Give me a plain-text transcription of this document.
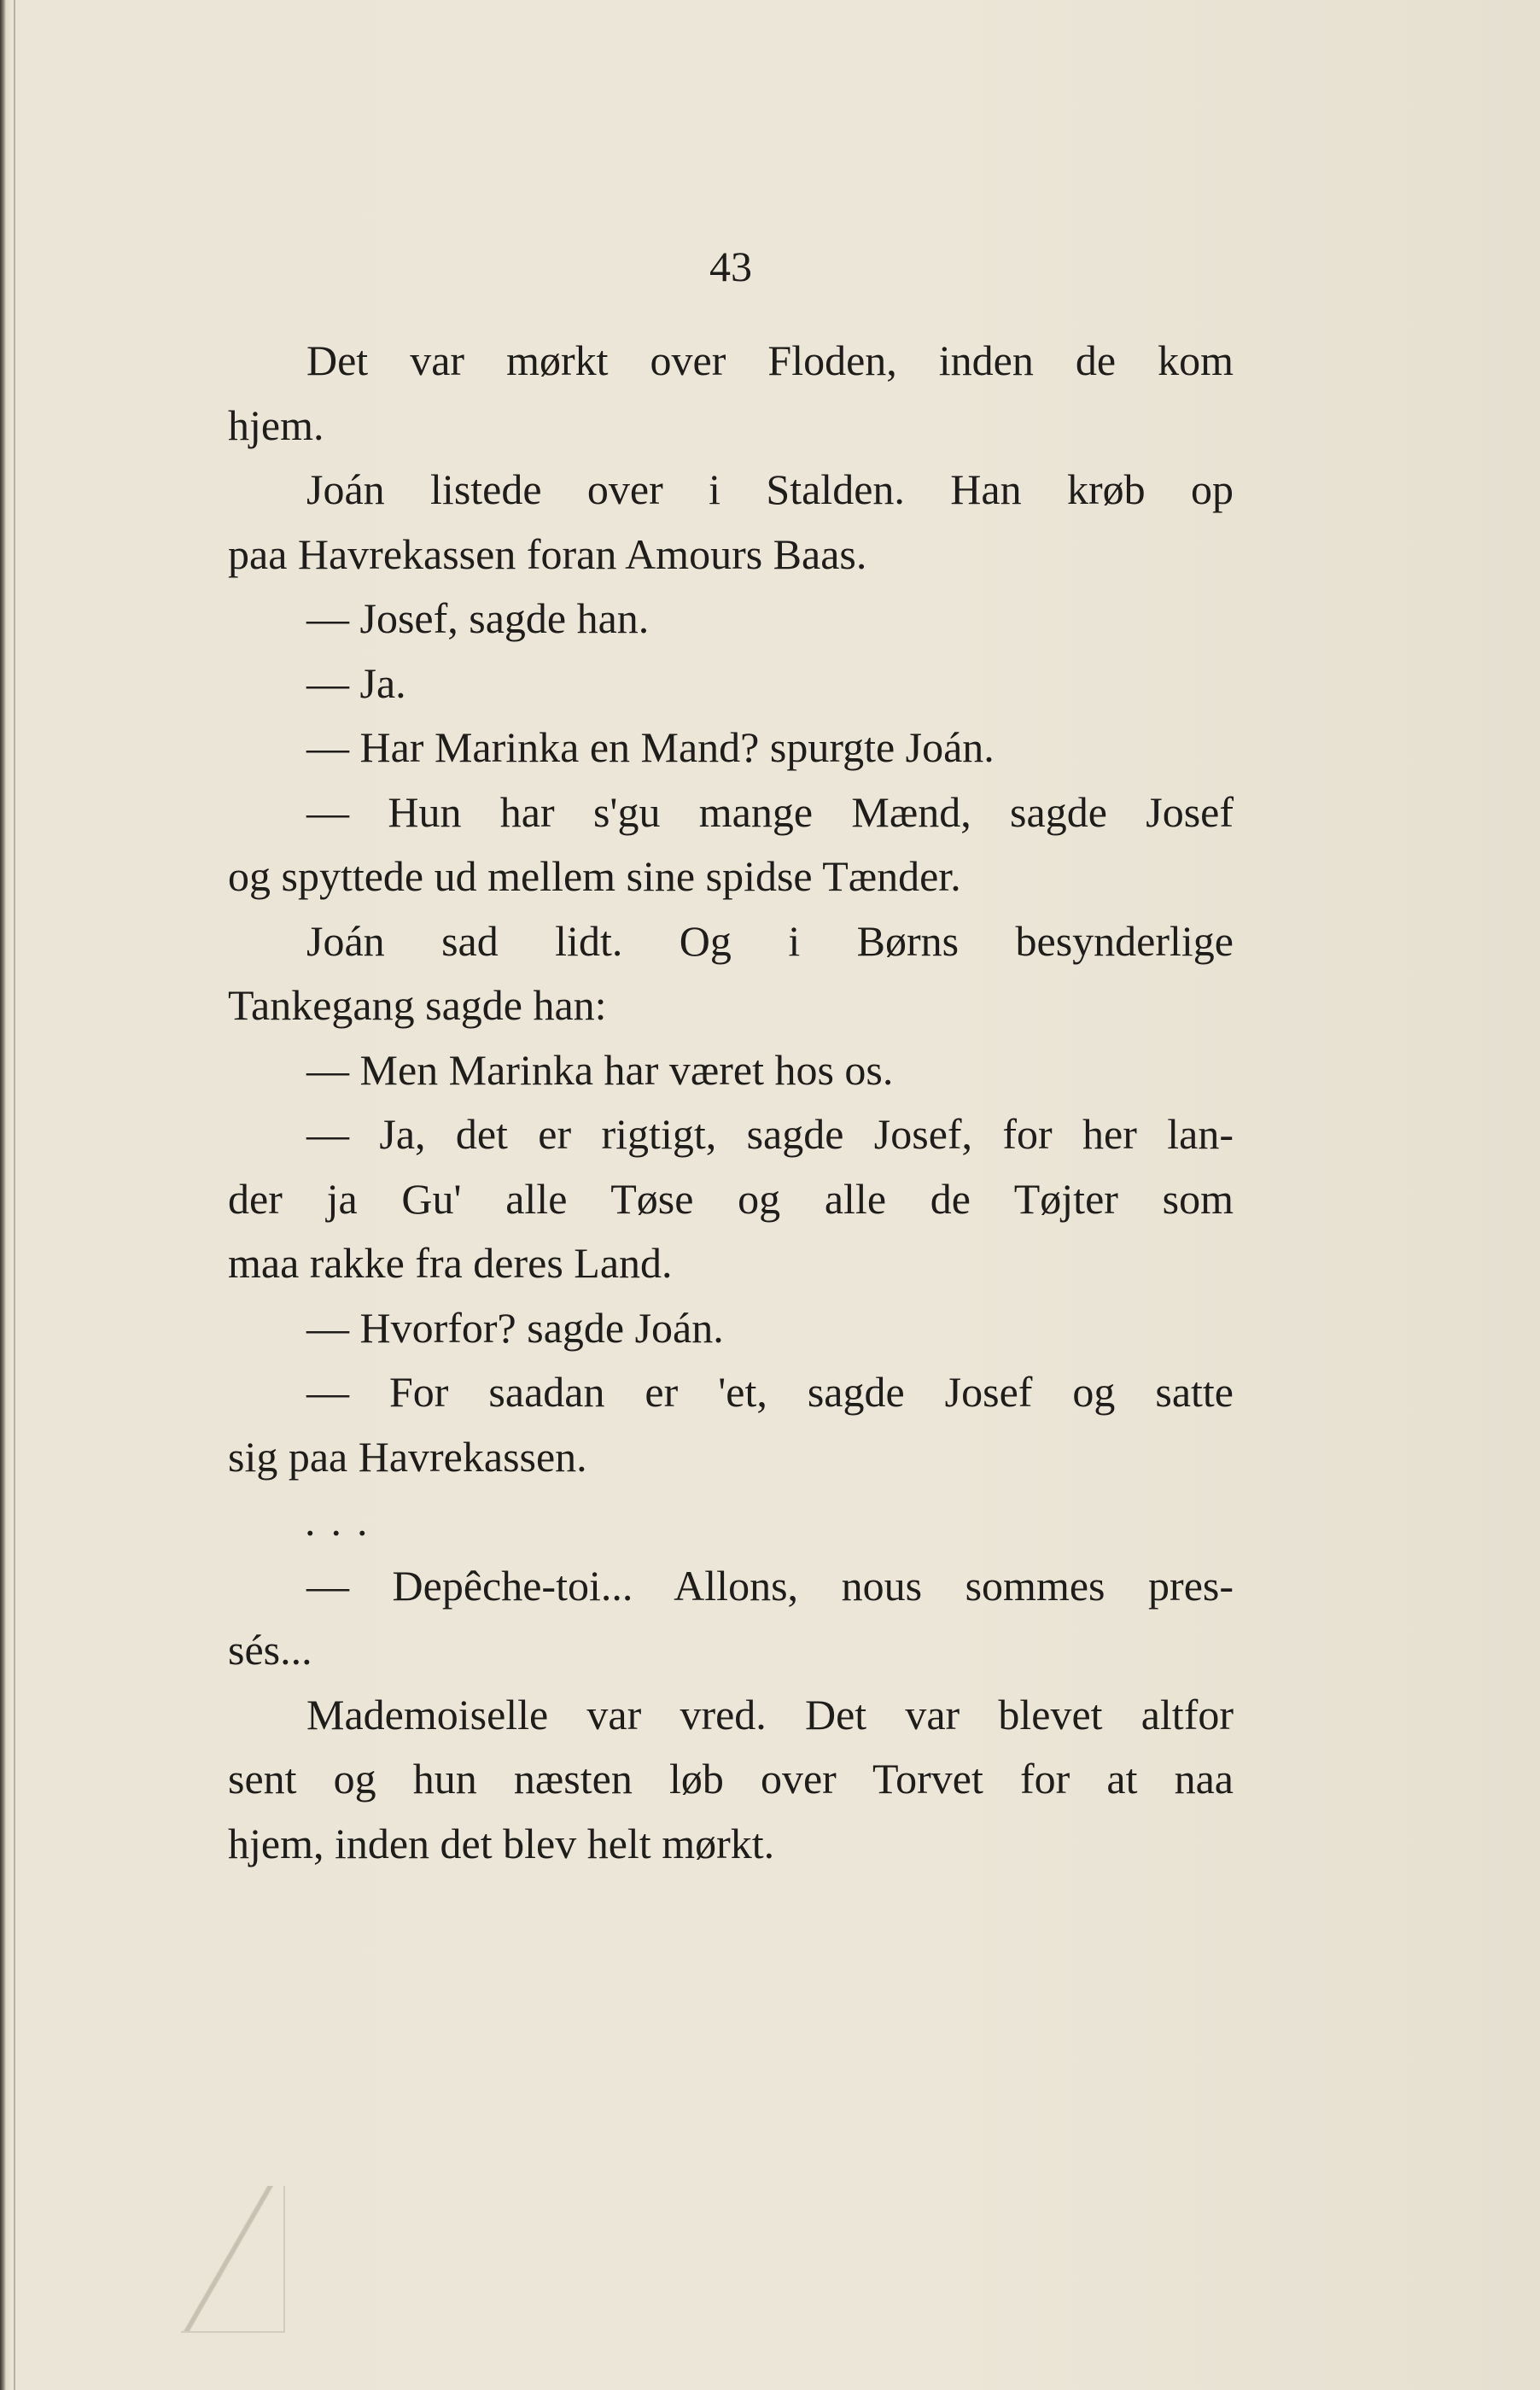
43
Det var mørkt over Floden, inden de kom
hjem.
Joán listede over i Stalden. Han krøb op
paa Havrekassen foran Amours Baas.
— Josef, sagde han.
— Ja.
— Har Marinka en Mand? spurgte Joán.
— Hun har s'gu mange Mænd, sagde Josef
og spyttede ud mellem sine spidse Tænder.
Joán sad lidt. Og i Børns besynderlige
Tankegang sagde han:
— Men Marinka har været hos os.
— Ja, det er rigtigt, sagde Josef, for her lan-
der ja Gu' alle Tøse og alle de Tøjter som
maa rakke fra deres Land.
— Hvorfor? sagde Joán.
— For saadan er 'et, sagde Josef og satte
sig paa Havrekassen.
...
— Depêche-toi... Allons, nous sommes pres-
sés...
Mademoiselle var vred. Det var blevet altfor
sent og hun næsten løb over Torvet for at naa
hjem, inden det blev helt mørkt.
